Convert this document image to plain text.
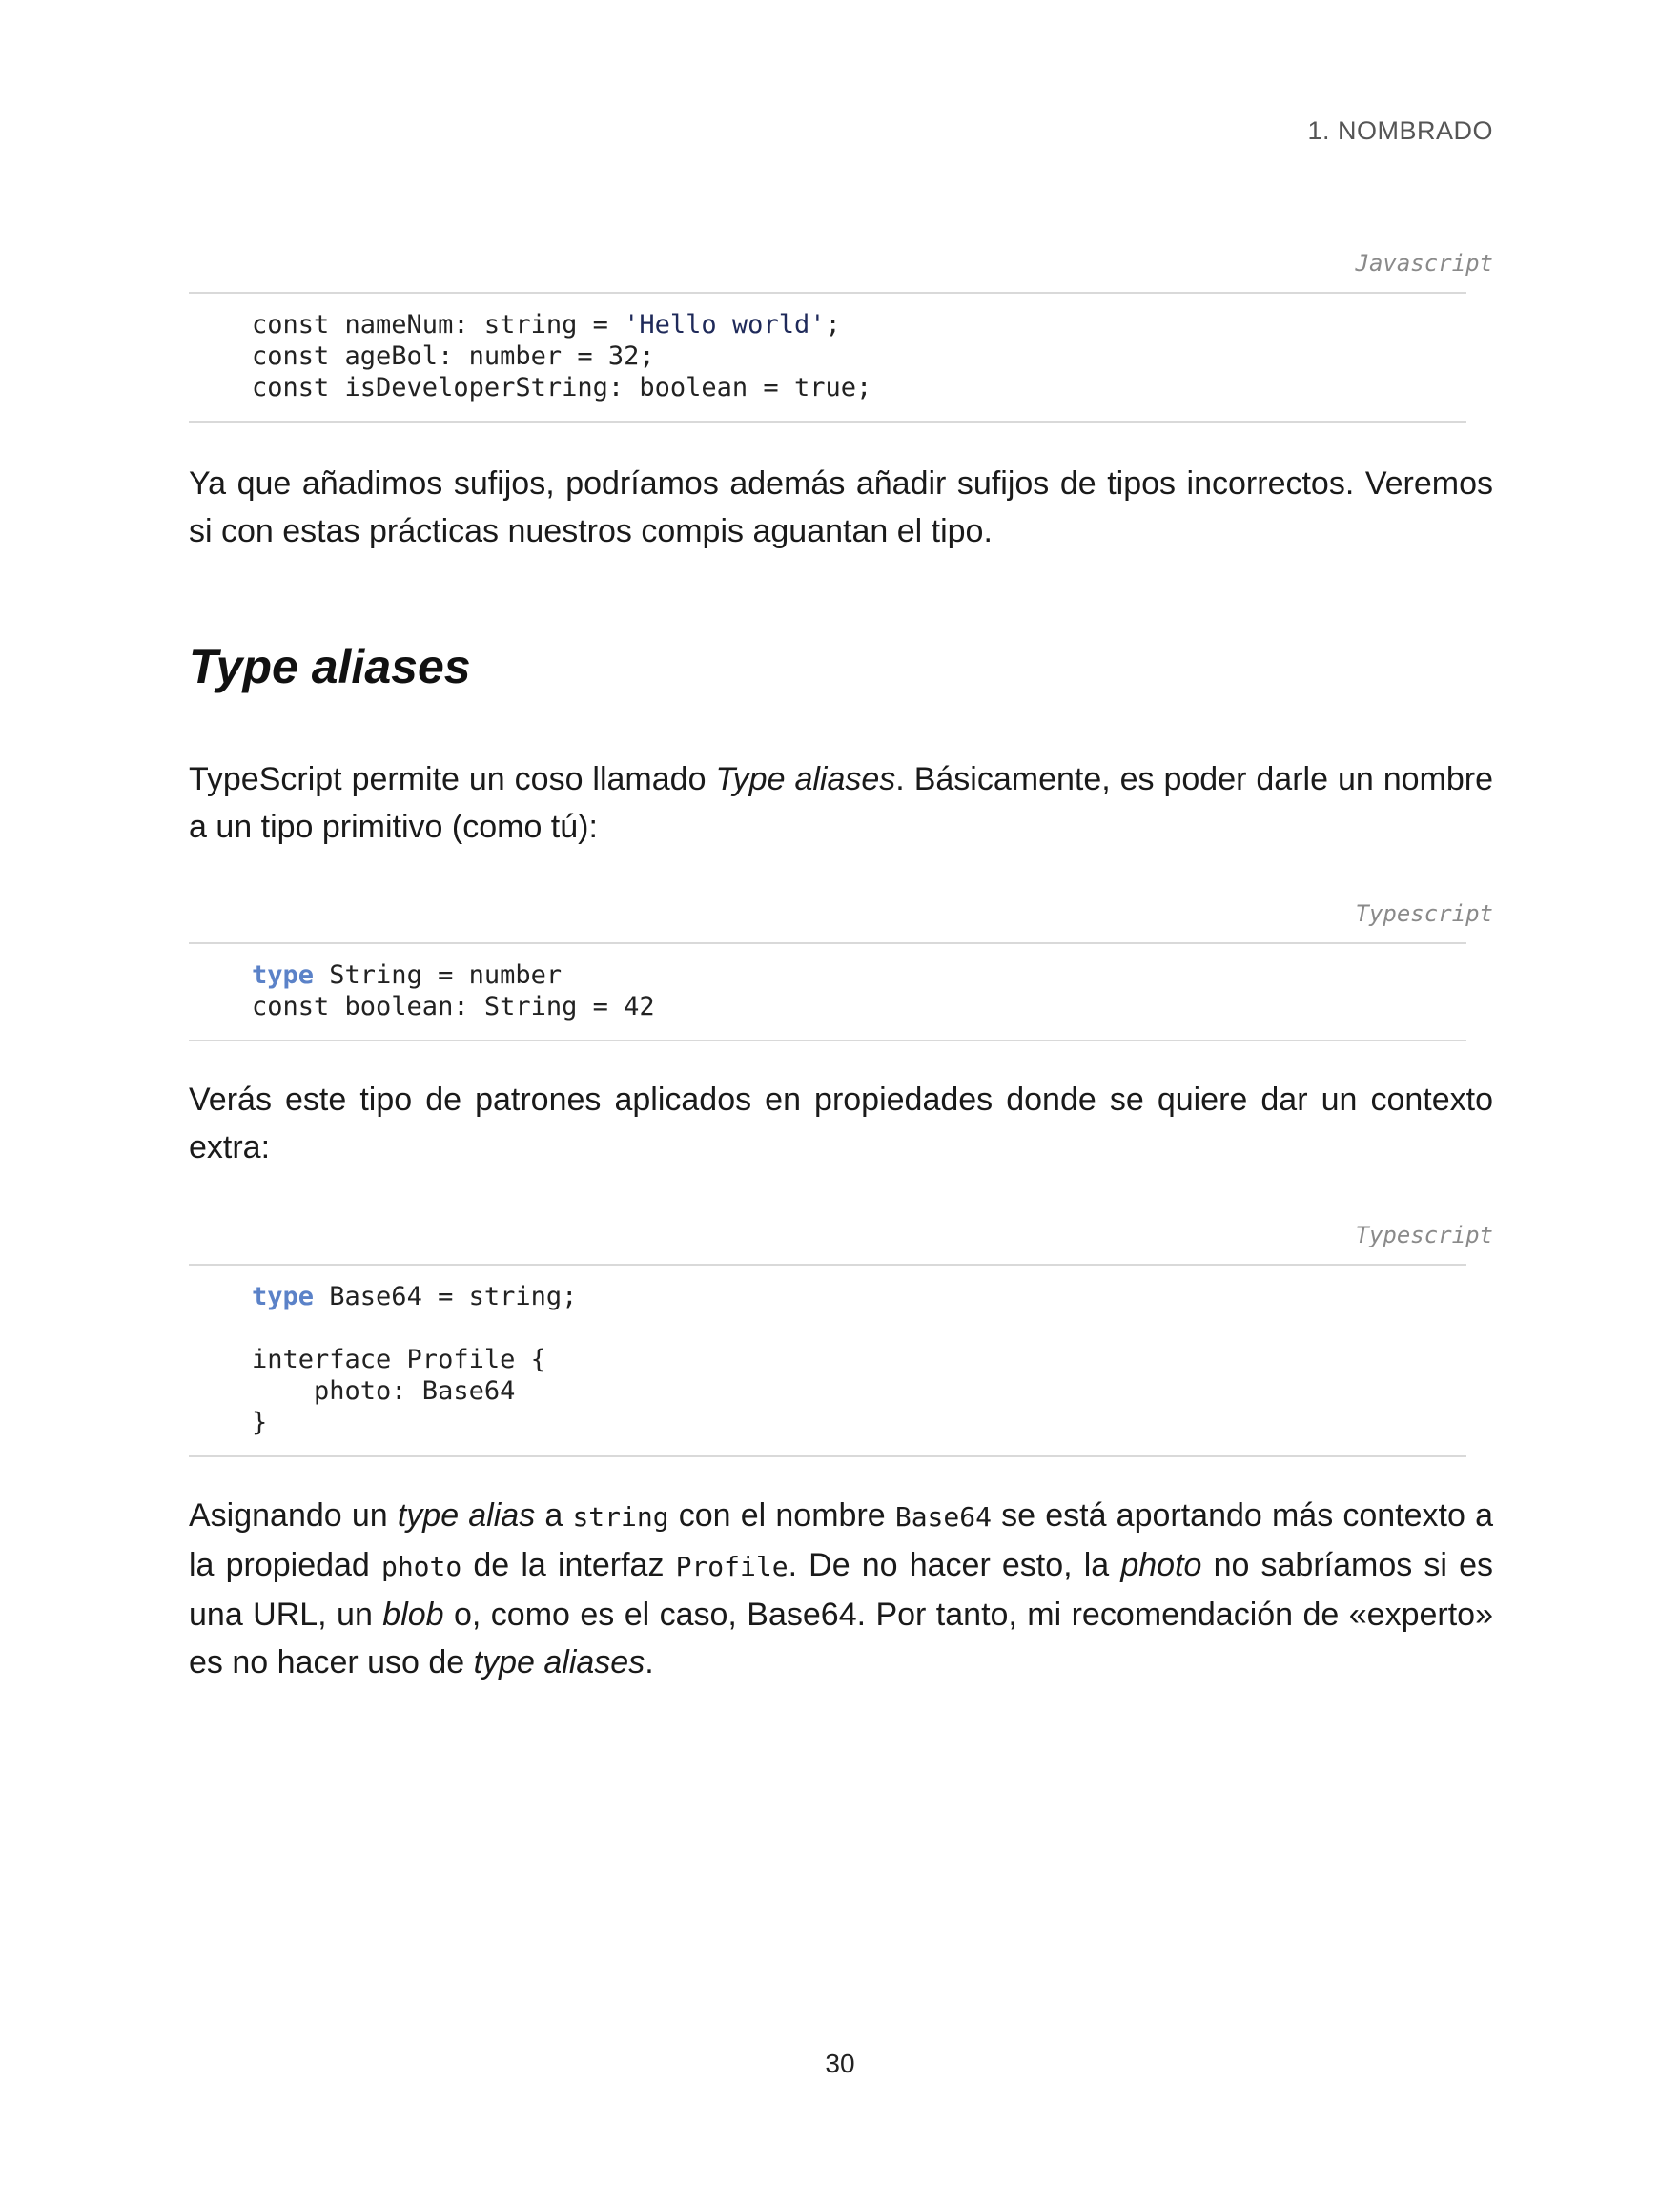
1. NOMBRADO
Javascript
const nameNum: string = 'Hello world';
const ageBol: number = 32;
const isDeveloperString: boolean = true;

Ya que añadimos sufijos, podríamos además añadir sufijos de tipos incorrectos. Veremos si con estas prácticas nuestros compis aguantan el tipo.

Type aliases

TypeScript permite un coso llamado Type aliases. Básicamente, es poder darle un nombre a un tipo primitivo (como tú):

Typescript
type String = number
const boolean: String = 42

Verás este tipo de patrones aplicados en propiedades donde se quiere dar un contexto extra:

Typescript
type Base64 = string;

interface Profile {
photo: Base64
}

Asignando un type alias a string con el nombre Base64 se está aportando más contexto a la propiedad photo de la interfaz Profile. De no hacer esto, la photo no sabríamos si es una URL, un blob o, como es el caso, Base64. Por tanto, mi recomendación de «experto» es no hacer uso de type aliases.

30
